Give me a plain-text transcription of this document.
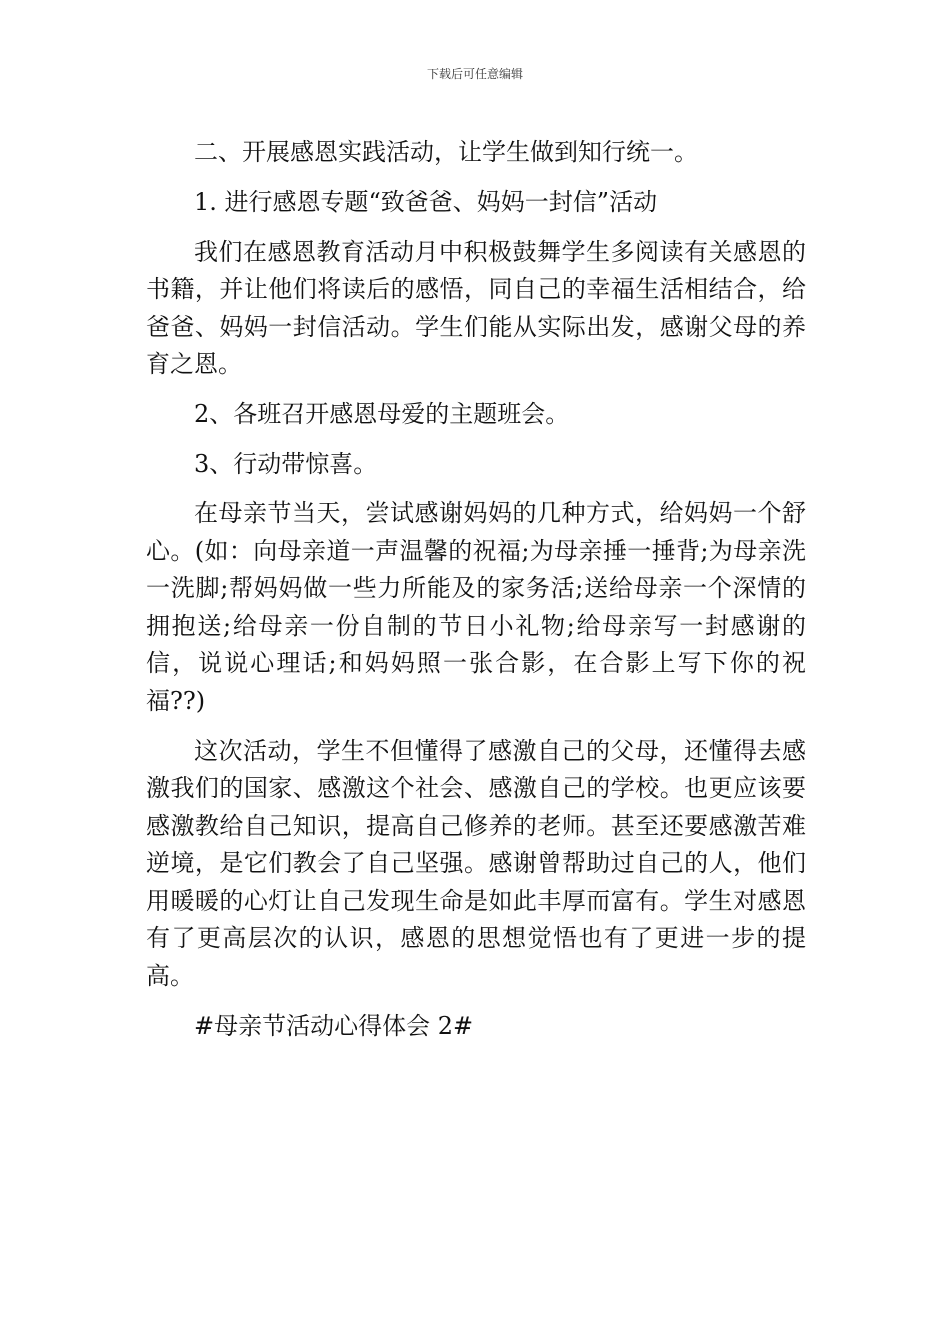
下载后可任意编辑

二、开展感恩实践活动，让学生做到知行统一。

1. 进行感恩专题“致爸爸、妈妈一封信”活动

我们在感恩教育活动月中积极鼓舞学生多阅读有关感恩的书籍，并让他们将读后的感悟，同自己的幸福生活相结合，给爸爸、妈妈一封信活动。学生们能从实际出发，感谢父母的养育之恩。

2、各班召开感恩母爱的主题班会。

3、行动带惊喜。

在母亲节当天，尝试感谢妈妈的几种方式，给妈妈一个舒心。(如：向母亲道一声温馨的祝福;为母亲捶一捶背;为母亲洗一洗脚;帮妈妈做一些力所能及的家务活;送给母亲一个深情的拥抱送;给母亲一份自制的节日小礼物;给母亲写一封感谢的信，说说心理话;和妈妈照一张合影，在合影上写下你的祝福??)

这次活动，学生不但懂得了感激自己的父母，还懂得去感激我们的国家、感激这个社会、感激自己的学校。也更应该要感激教给自己知识，提高自己修养的老师。甚至还要感激苦难逆境，是它们教会了自己坚强。感谢曾帮助过自己的人，他们用暖暖的心灯让自己发现生命是如此丰厚而富有。学生对感恩有了更高层次的认识，感恩的思想觉悟也有了更进一步的提高。

#母亲节活动心得体会 2#
